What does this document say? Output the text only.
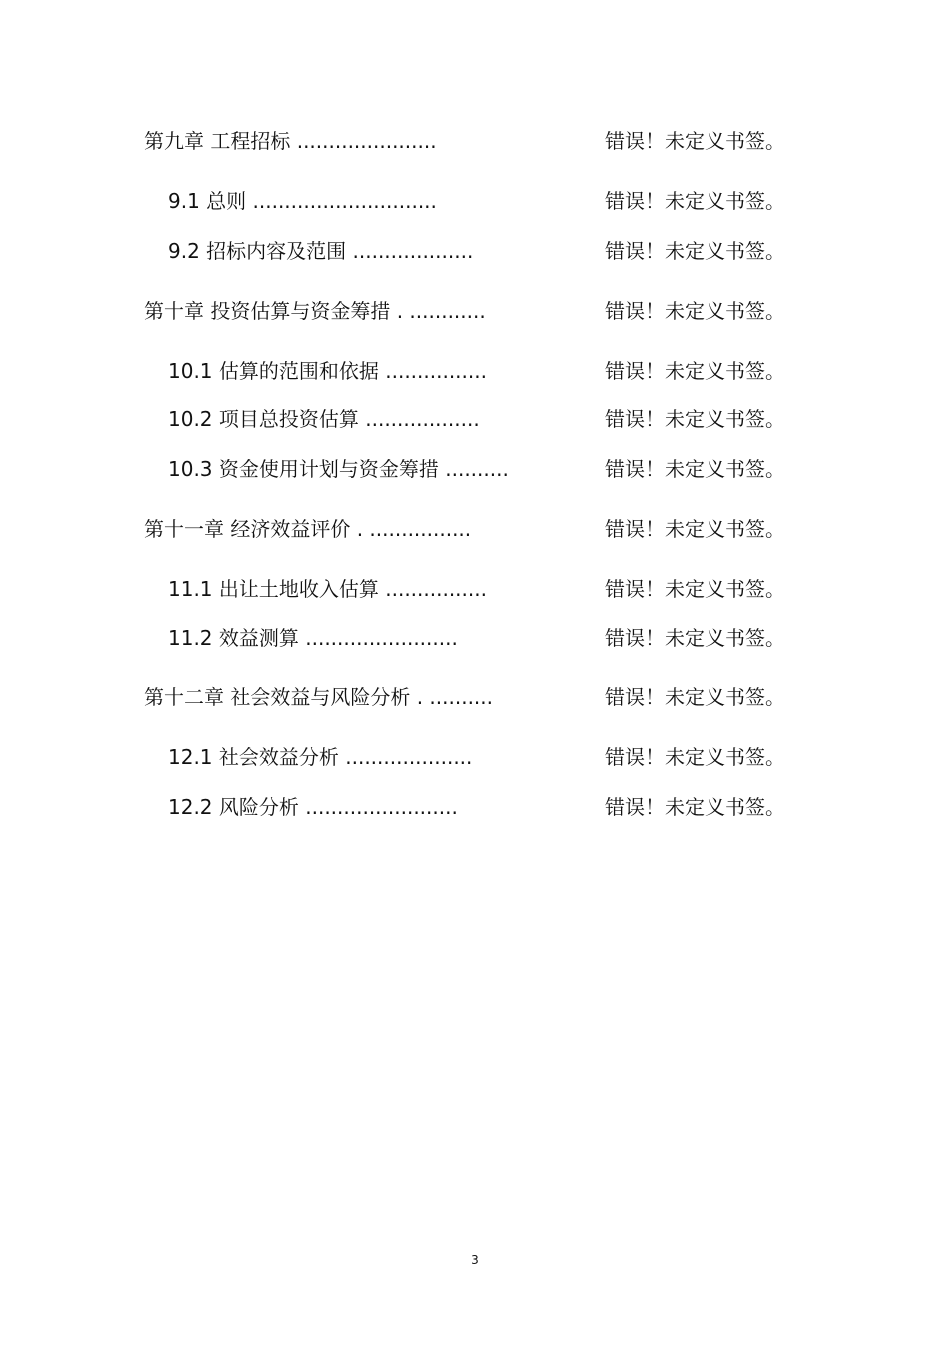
第九章 工程招标 ......................	错误！未定义书签。
9.1 总则 .............................	错误！未定义书签。
9.2 招标内容及范围 ...................	错误！未定义书签。
第十章 投资估算与资金筹措 . ............	错误！未定义书签。
10.1 估算的范围和依据 ................	错误！未定义书签。
10.2 项目总投资估算 ..................	错误！未定义书签。
10.3 资金使用计划与资金筹措 ..........	错误！未定义书签。
第十一章 经济效益评价 . ................	错误！未定义书签。
11.1 出让土地收入估算 ................	错误！未定义书签。
11.2 效益测算 ........................	错误！未定义书签。
第十二章 社会效益与风险分析 . ..........	错误！未定义书签。
12.1 社会效益分析 ....................	错误！未定义书签。
12.2 风险分析 ........................	错误！未定义书签。
3
